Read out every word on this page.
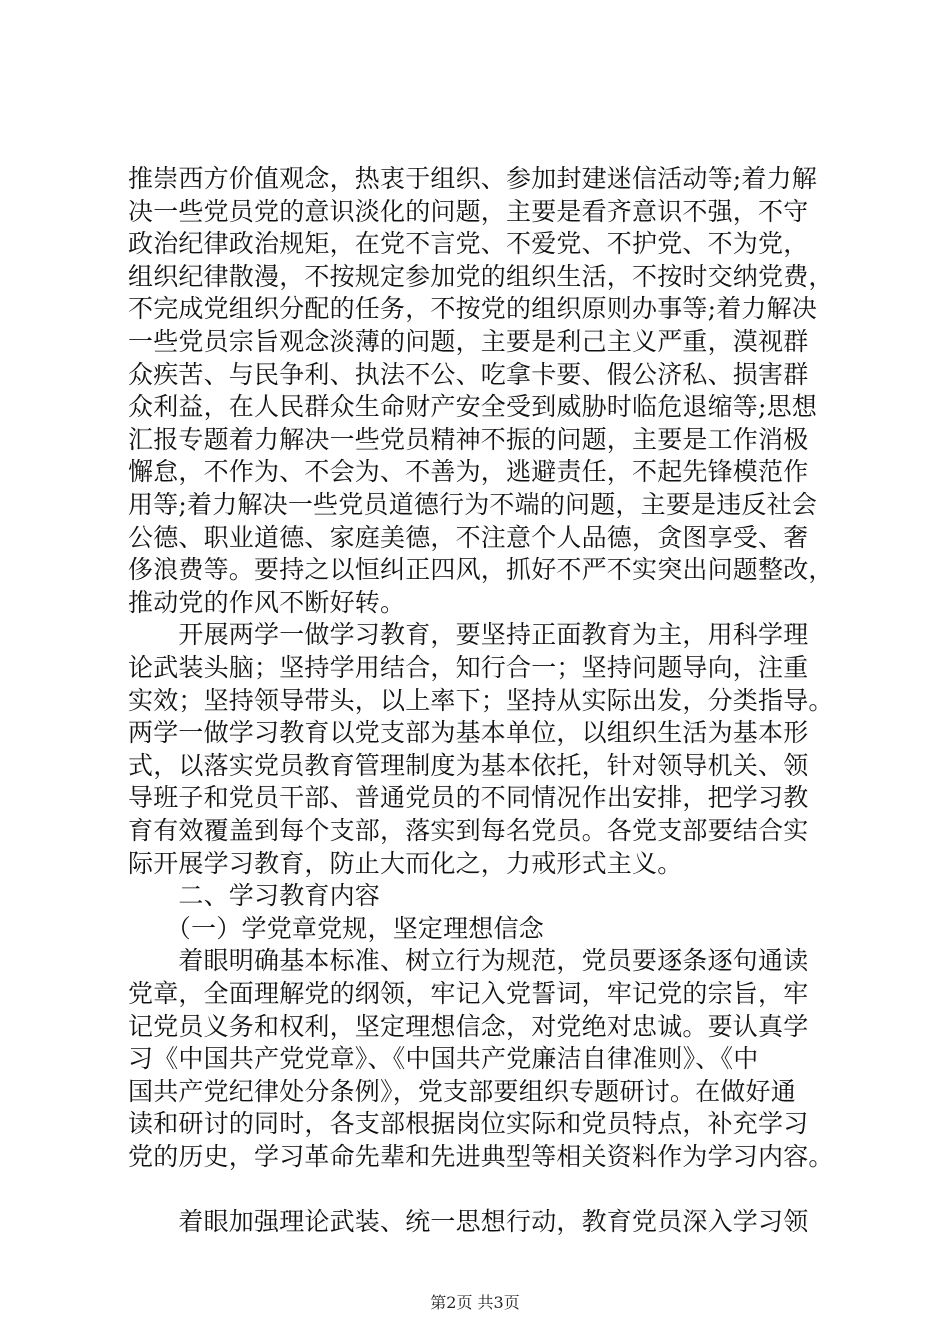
推崇西方价值观念，热衷于组织、参加封建迷信活动等;着力解
决一些党员党的意识淡化的问题，主要是看齐意识不强，不守
政治纪律政治规矩，在党不言党、不爱党、不护党、不为党，
组织纪律散漫，不按规定参加党的组织生活，不按时交纳党费，
不完成党组织分配的任务，不按党的组织原则办事等;着力解决
一些党员宗旨观念淡薄的问题，主要是利己主义严重，漠视群
众疾苦、与民争利、执法不公、吃拿卡要、假公济私、损害群
众利益，在人民群众生命财产安全受到威胁时临危退缩等;思想
汇报专题着力解决一些党员精神不振的问题，主要是工作消极
懈怠，不作为、不会为、不善为，逃避责任，不起先锋模范作
用等;着力解决一些党员道德行为不端的问题，主要是违反社会
公德、职业道德、家庭美德，不注意个人品德，贪图享受、奢
侈浪费等。要持之以恒纠正四风，抓好不严不实突出问题整改，
推动党的作风不断好转。
　　开展两学一做学习教育，要坚持正面教育为主，用科学理
论武装头脑；坚持学用结合，知行合一；坚持问题导向，注重
实效；坚持领导带头，以上率下；坚持从实际出发，分类指导。
两学一做学习教育以党支部为基本单位，以组织生活为基本形
式，以落实党员教育管理制度为基本依托，针对领导机关、领
导班子和党员干部、普通党员的不同情况作出安排，把学习教
育有效覆盖到每个支部，落实到每名党员。各党支部要结合实
际开展学习教育，防止大而化之，力戒形式主义。
　　二、学习教育内容
　　（一）学党章党规，坚定理想信念
　　着眼明确基本标准、树立行为规范，党员要逐条逐句通读
党章，全面理解党的纲领，牢记入党誓词，牢记党的宗旨，牢
记党员义务和权利，坚定理想信念，对党绝对忠诚。要认真学
习《中国共产党党章》、《中国共产党廉洁自律准则》、《中
国共产党纪律处分条例》，党支部要组织专题研讨。在做好通
读和研讨的同时，各支部根据岗位实际和党员特点，补充学习
党的历史，学习革命先辈和先进典型等相关资料作为学习内容。
　　着眼加强理论武装、统一思想行动，教育党员深入学习领
第2页 共3页
